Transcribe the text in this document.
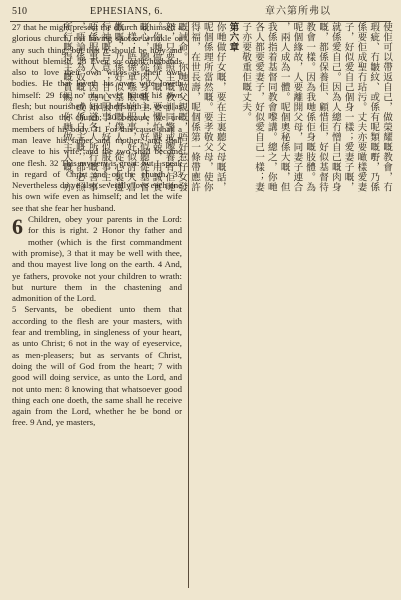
510	EPHESIANS, 6.	章六第所弗以

27 that he might present the church to himself a glorious church, not having spot or wrinkle or any such thing; but that it should be holy and without blemish. 28 Even so ought husbands also to love their own wives as their own bodies. He that loveth his own wife loveth himself: 29 for no man ever hated his own flesh; but nourisheth and cherisheth it, even as Christ also the church; 30 because we are members of his body. 31 For this cause shall a man leave his father and mother, and shall cleave to his wife; and the two shall become one flesh. 32 This mystery is great: but I speak in regard of Christ and of the church. 33 Nevertheless do ye also severally love each one his own wife even as himself; and let the wife see that she fear her husband.

6 Children, obey your parents in the Lord: for this is right. 2 Honor thy father and mother (which is the first commandment with promise), 3 that it may be well with thee, and thou mayest live long on the earth. 4 And, ye fathers, provoke not your children to wrath: but nurture them in the chastening and admonition of the Lord.

5 Servants, be obedient unto them that according to the flesh are your masters, with fear and trembling, in singleness of your heart, as unto Christ; 6 not in the way of eyeservice, as men-pleasers; but as servants of Christ, doing the will of God from the heart; 7 with good will doing service, as unto the Lord, and not unto men: 8 knowing that whatsoever good thing each one doeth, the same shall he receive again from the Lord, whether he be bond or free. 9 And, ye masters,

使佢可以帶返自己，做榮耀嘅教會，冇
瑕疵、冇皺紋、或係有呢類嘅嘢，乃係
係要佢成聖冇玷污。丈夫亦要噉樣愛妻
子，好似愛自己個身一樣；愛妻子嘅，
就係愛自己。因為人總冇憎自己嘅肉身
嘅，都係保養佢、顧惜佢，好似基督待
教會一樣。因為我哋係佢身嘅肢體。為
呢個緣故，人要離開父母，同妻子連合
，兩人成為一體。呢個奧秘係大嘅，但
我係指着基督同教會嚟講。總之，你哋
各人都要愛妻子，好似愛自己一樣；妻
子亦要敬重佢嘅丈夫。
第六章
你哋做仔女嘅，要在主裏聽父母嘅話，
呢個係理所當然嘅。要孝敬父母，使你
得福，在世長壽，呢個係第一條帶應許
嘅誡命。你哋做父親嘅，唔好惹仔女發
怒，只要照主嘅教訓同警戒嚟養育佢哋
。你哋做僕人嘅，要懼怕戰兢，用誠實
嘅心，聽從肉身嘅主人，好似聽從基督
一樣；唔係單喺眼前服事，好似討人喜
歡嘅，乃係好似基督嘅僕人，從心裏遵
行神嘅旨意；甘心服事，好似服事主，
唔係服事人。因為知道各人所行嘅善事
，唔論係為奴嘅，或係自主嘅，都必照
所行嘅得主嘅賞賜。你哋做主人嘅，亦
